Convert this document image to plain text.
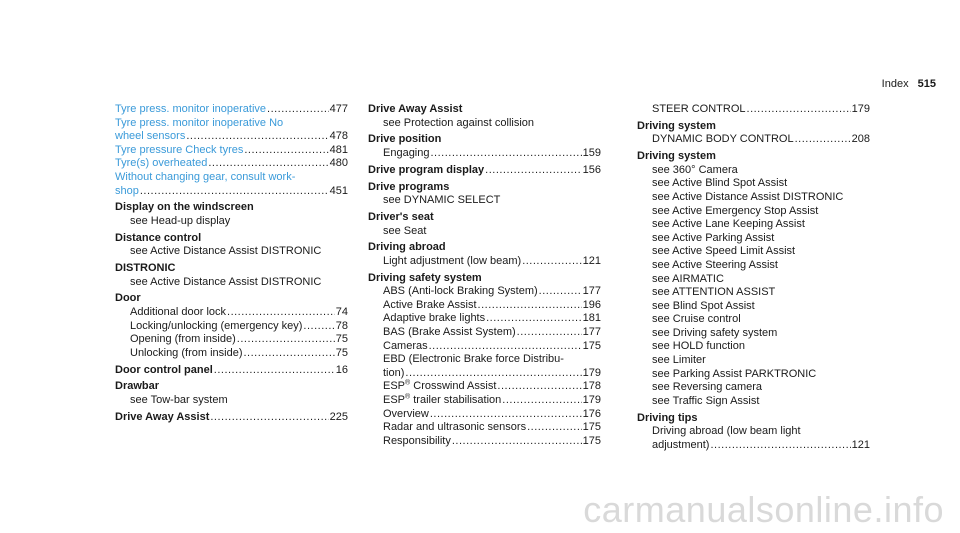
Index 515
Tyre press. monitor inoperative .....	477
Tyre press. monitor inoperative No
wheel sensors .....	478
Tyre pressure Check tyres .....	481
Tyre(s) overheated .....	480
Without changing gear, consult work-
shop .....	451
Display on the windscreen
see Head-up display
Distance control
see Active Distance Assist DISTRONIC
DISTRONIC
see Active Distance Assist DISTRONIC
Door
Additional door lock .....	74
Locking/unlocking (emergency key) .....	78
Opening (from inside) .....	75
Unlocking (from inside) .....	75
Door control panel .....	16
Drawbar
see Tow-bar system
Drive Away Assist .....	225
Drive Away Assist
see Protection against collision
Drive position
Engaging .....	159
Drive program display .....	156
Drive programs
see DYNAMIC SELECT
Driver's seat
see Seat
Driving abroad
Light adjustment (low beam) .....	121
Driving safety system
ABS (Anti-lock Braking System) .....	177
Active Brake Assist .....	196
Adaptive brake lights .....	181
BAS (Brake Assist System) .....	177
Cameras .....	175
EBD (Electronic Brake force Distribu-
tion) .....	179
ESP® Crosswind Assist .....	178
ESP® trailer stabilisation .....	179
Overview .....	176
Radar and ultrasonic sensors .....	175
Responsibility .....	175
STEER CONTROL .....	179
Driving system
DYNAMIC BODY CONTROL .....	208
Driving system
see 360° Camera
see Active Blind Spot Assist
see Active Distance Assist DISTRONIC
see Active Emergency Stop Assist
see Active Lane Keeping Assist
see Active Parking Assist
see Active Speed Limit Assist
see Active Steering Assist
see AIRMATIC
see ATTENTION ASSIST
see Blind Spot Assist
see Cruise control
see Driving safety system
see HOLD function
see Limiter
see Parking Assist PARKTRONIC
see Reversing camera
see Traffic Sign Assist
Driving tips
Driving abroad (low beam light
adjustment) .....	121
carmanualsonline.info
